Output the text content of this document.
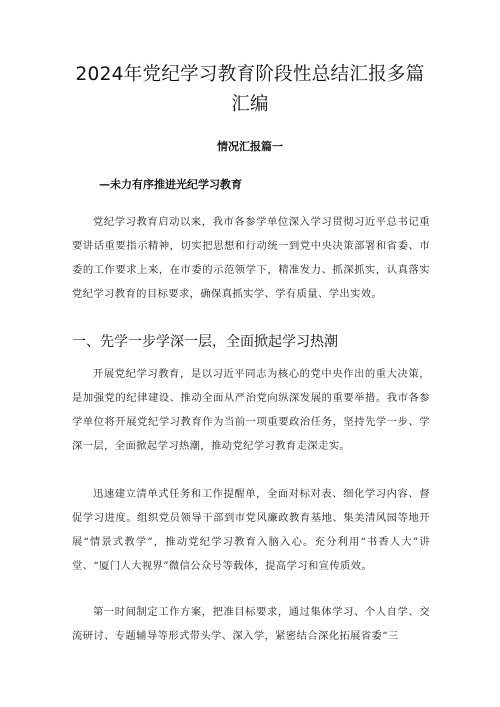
2024年党纪学习教育阶段性总结汇报多篇
汇编
情况汇报篇一
—未力有序推进光纪学习教育

党纪学习教育启动以来，我市各参学单位深入学习贯彻习近平总书记重要讲话重要指示精神，切实把思想和行动统一到党中央决策部署和省委、市委的工作要求上来，在市委的示范领学下，精准发力、抓深抓实，认真落实党纪学习教育的目标要求，确保真抓实学、学有质量、学出实效。

一、先学一步学深一层，全面掀起学习热潮

开展党纪学习教育，是以习近平同志为核心的党中央作出的重大决策，是加强党的纪律建设、推动全面从严治党向纵深发展的重要举措。我市各参学单位将开展党纪学习教育作为当前一项重要政治任务，坚持先学一步、学深一层，全面掀起学习热潮，推动党纪学习教育走深走实。

迅速建立清单式任务和工作提醒单，全面对标对表、细化学习内容、督促学习进度。组织党员领导干部到市党风廉政教育基地、集美清风园等地开展“情景式教学”，推动党纪学习教育入脑入心。充分利用“书香人大”讲堂、“厦门人大视界”微信公众号等载体，提高学习和宣传质效。

第一时间制定工作方案，把准目标要求，通过集体学习、个人自学、交流研讨、专题辅导等形式带头学、深入学，紧密结合深化拓展省委“三
